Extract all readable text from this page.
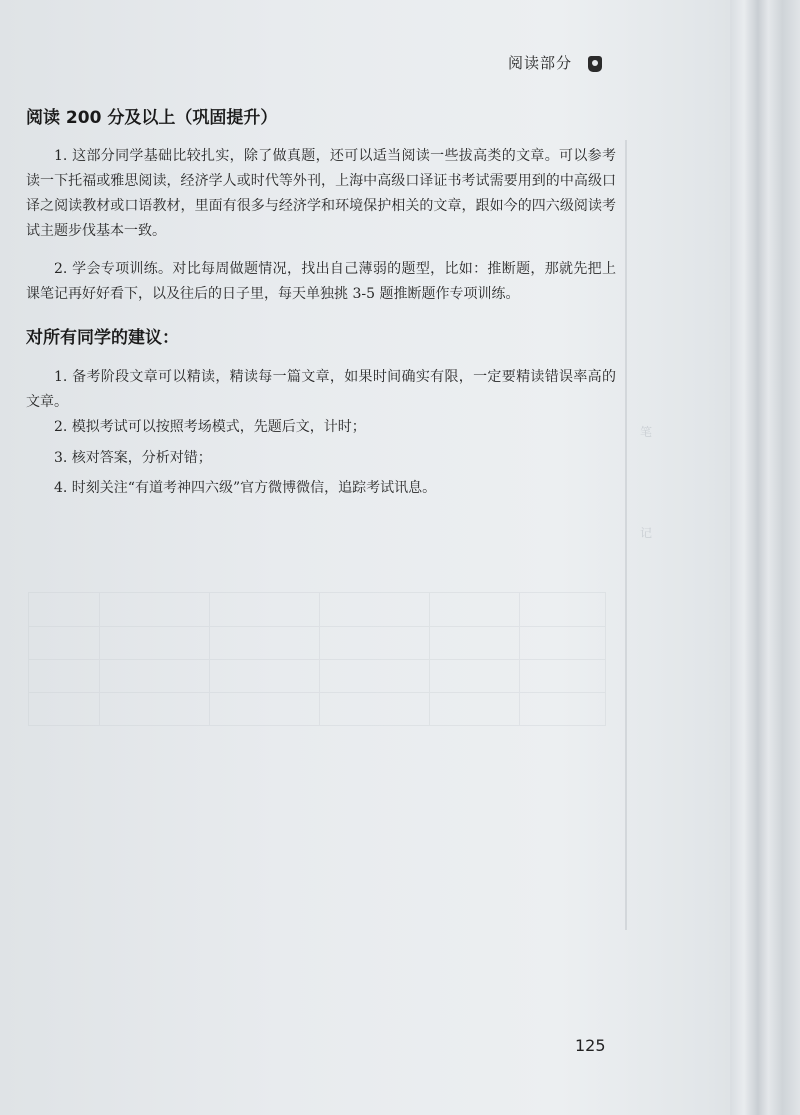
阅读部分
阅读 200 分及以上（巩固提升）
1. 这部分同学基础比较扎实，除了做真题，还可以适当阅读一些拔高类的文章。可以参考读一下托福或雅思阅读，经济学人或时代等外刊，上海中高级口译证书考试需要用到的中高级口译之阅读教材或口语教材，里面有很多与经济学和环境保护相关的文章，跟如今的四六级阅读考试主题步伐基本一致。
2. 学会专项训练。对比每周做题情况，找出自己薄弱的题型，比如：推断题，那就先把上课笔记再好好看下，以及往后的日子里，每天单独挑 3-5 题推断题作专项训练。
对所有同学的建议：
1. 备考阶段文章可以精读，精读每一篇文章，如果时间确实有限，一定要精读错误率高的文章。
2. 模拟考试可以按照考场模式，先题后文，计时；
3. 核对答案，分析对错；
4. 时刻关注“有道考神四六级”官方微博微信，追踪考试讯息。
笔
记
125
